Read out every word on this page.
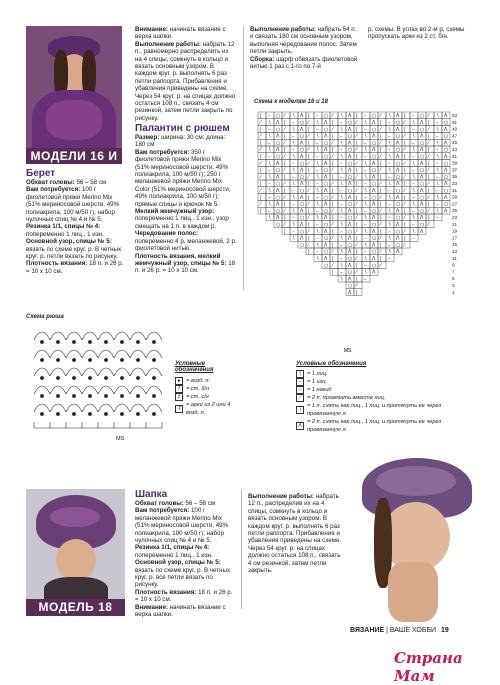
МОДЕЛИ 16 И 17
Берет
Обхват головы: 56 – 58 см
Вам потребуется: 100 г фиолетовой пряжи Merino Mix (51% мериносовой шерсти, 49% полиакрила, 100 м/50 г); набор чулочных спиц № 4 и № 5.
Резинка 1/1, спицы № 4: попеременно 1 лиц., 1 изн.
Основной узор, спицы № 5: вязать по схеме круг. р. В четных круг. р. петли вязать по рисунку.
Плотность вязания: 18 п. и 26 р. = 10 х 10 см.
Внимание: начинать вязание с верха шапки.
Выполнение работы: набрать 12 п., равномерно распределить их на 4 спицы, сомкнуть в кольцо и вязать основным узором. В каждом круг. р. выполнять 6 раз петли раппорта. Прибавления и убавления приведены на схеме. Через 54 круг. р. на спицах должно остаться 108 п., связать 4 см резинкой, затем петли закрыть по рисунку.
Палантин с рюшем
Размер: ширина: 30 см; длина: 180 см
Вам потребуется: 350 г фиолетовой пряжи Merino Mix (51% мериносовой шерсти, 49% полиакрила, 100 м/50 г); 250 г меланжевой пряжи Merino Mix Color (51% мериносовой шерсти, 49% полиакрила, 100 м/50 г); прямые спицы и крючок № 5.
Мелкий жемчужный узор: попеременно 1 лиц., 1 изн., узор смещать на 1 п. в каждом р.
Чередование полос: попеременно 4 р. меланжевой, 2 р. фиолетовой нитью.
Плотность вязания, мелкий жемчужный узор, спицы № 5: 18 п. и 26 р. = 10 х 10 см.
Выполнение работы: набрать 54 п. и связать 180 см основным узором, выполняя чередование полос. Затем петли закрыть.
Сборка: шарф обвязать фиолетовой нитью 1 раз с 1-го по 7-й
р. схемы. В углах во 2-м р. схемы пропускать арки из 2 ст. б/н.
Схема к моделям 16 и 18
| – ○ ⁄ ∖ Λ | – ○ ⁄ ∖ Λ | – ○ ⁄ ∖ Λ | – ○ ⁄ ∖ Λ
⁄ ∖ Λ | – ○ ⁄ ∖ Λ | – ○ ⁄ ∖ Λ | – ○ ⁄ ∖ Λ | – ○
| – ○ ⁄ ∖ Λ | – ○ ⁄ ∖ Λ | – ○ ⁄ ∖ Λ | – ○ ⁄ ∖ Λ
⁄ ∖ Λ | – ○ ⁄ ∖ Λ | – ○ ⁄ ∖ Λ | – ○ ⁄ ∖ Λ | – ○
| – ○ ⁄ ∖ Λ | – ○ ⁄ ∖ Λ | – ○ ⁄ ∖ Λ | – ○ ⁄ ∖ Λ
⁄ ∖ Λ | – ○ ⁄ ∖ Λ | – ○ ⁄ ∖ Λ | – ○ ⁄ ∖ Λ | – ○
| – ○ ⁄ ∖ Λ | – ○ ⁄ ∖ Λ | – ○ ⁄ ∖ Λ | – ○ ⁄ ∖ Λ
⁄ ∖ Λ | – ○ ⁄ ∖ Λ | – ○ ⁄ ∖ Λ | – ○ ⁄ ∖ Λ | – ○
| – ○ ⁄ ∖ Λ | – ○ ⁄ ∖ Λ | – ○ ⁄ ∖ Λ | – ○ ⁄ ∖ Λ
⁄ ∖ Λ | – ○ ⁄ ∖ Λ | – ○ ⁄ ∖ Λ | – ○ ⁄ ∖ Λ | – ○
| – ○ ⁄ ∖ Λ | – ○ ⁄ ∖ Λ | – ○ ⁄ ∖ Λ | – ○ ⁄ ∖ Λ
⁄ ∖ Λ | – ○ ⁄ ∖ Λ | – ○ ⁄ ∖ Λ | – ○ ⁄ ∖ Λ | – ○
| – ○ ⁄ ∖ Λ | – ○ ⁄ ∖ Λ | – ○ ⁄ ∖ Λ | – ○ ⁄ ∖ Λ
⁄ ∖ Λ | – ○ ⁄ ∖ Λ | – ○ ⁄ ∖ Λ | – ○ ⁄ ∖ Λ | – ○
| – ○ ⁄ ∖ Λ | – ○ ⁄ ∖ Λ | – ○ ⁄ ∖ Λ | – ○ ⁄ ∖ Λ
∖ Λ | – ○ ⁄ ∖ Λ | – ○ ⁄ ∖ Λ | – ○ ⁄ ∖ Λ | –
○ ⁄ ∖ Λ | – ○ ⁄ ∖ Λ | – ○ ⁄ ∖ Λ | – ○ ⁄
| – ○ ⁄ ∖ Λ | – ○ ⁄ ∖ Λ | – ○ ⁄ ∖ Λ
∖ Λ | – ○ ⁄ ∖ Λ | – ○ ⁄ ∖ Λ | –
○ ⁄ ∖ Λ | – ○ ⁄ ∖ Λ | – ○ ⁄
| – ○ ⁄ ∖ Λ | – ○ ⁄ ∖ Λ
∖ Λ | – ○ ⁄ ∖ Λ | –
○ ⁄ ∖ Λ | – ○ ⁄
| – ○ ⁄ ∖ Λ
∖ Λ | –
○ ⁄
Λ |
53
51
49
47
45
43
41
39
37
35
33
31
29
27
25
23
21
19
17
15
13
11
9
7
5
3
1
MS
Схема рюша
MS
Условные обозначения
● = возд. п.
†	= ст. б/н
‡	= ст. с/н
⁑
= арки из 2 или 4 возд. п.
Условные обозначения
|	= 1 лиц.
–	= 1 изн.
○ = 1 накид
⁄	= 2 п. провязать вместе лиц.
∖
= 1 п. снять как лиц., 1 лиц. и протянуть ее через провязанную п.
Λ
= 2 п. снять как лиц., 1 лиц. и протянуть ее через провязанную п.
МОДЕЛЬ 18
Шапка
Обхват головы: 56 – 58 см
Вам потребуется: 100 г меланжевой пряжи Merino Mix (51% мериносовой шерсти, 49% полиакрила, 100 м/50 г); набор чулочных спиц № 4 и № 5.
Резинка 1/1, спицы № 4: попеременно 1 лиц., 1 изн.
Основной узор, спицы № 5: вязать по схеме круг. р. В четных круг. р. все петли вязать по рисунку.
Плотность вязания: 18 п. и 26 р. = 10 х 10 см.
Внимание: начинать вязание с верха шапки.
Выполнение работы: набрать 12 п., распределив их на 4 спицы, сомкнуть в кольцо и вязать основным узором. В каждом круг. р. выполнять 6 раз петли раппорта. Прибавления и убавления приведены на схеме. Через 54 круг. р. на спицах должно остаться 108 п., связать 4 см резинкой, затем петли закрыть.
ВЯЗАНИЕ | ВАШЕ ХОББИ 19
Страна Мам
